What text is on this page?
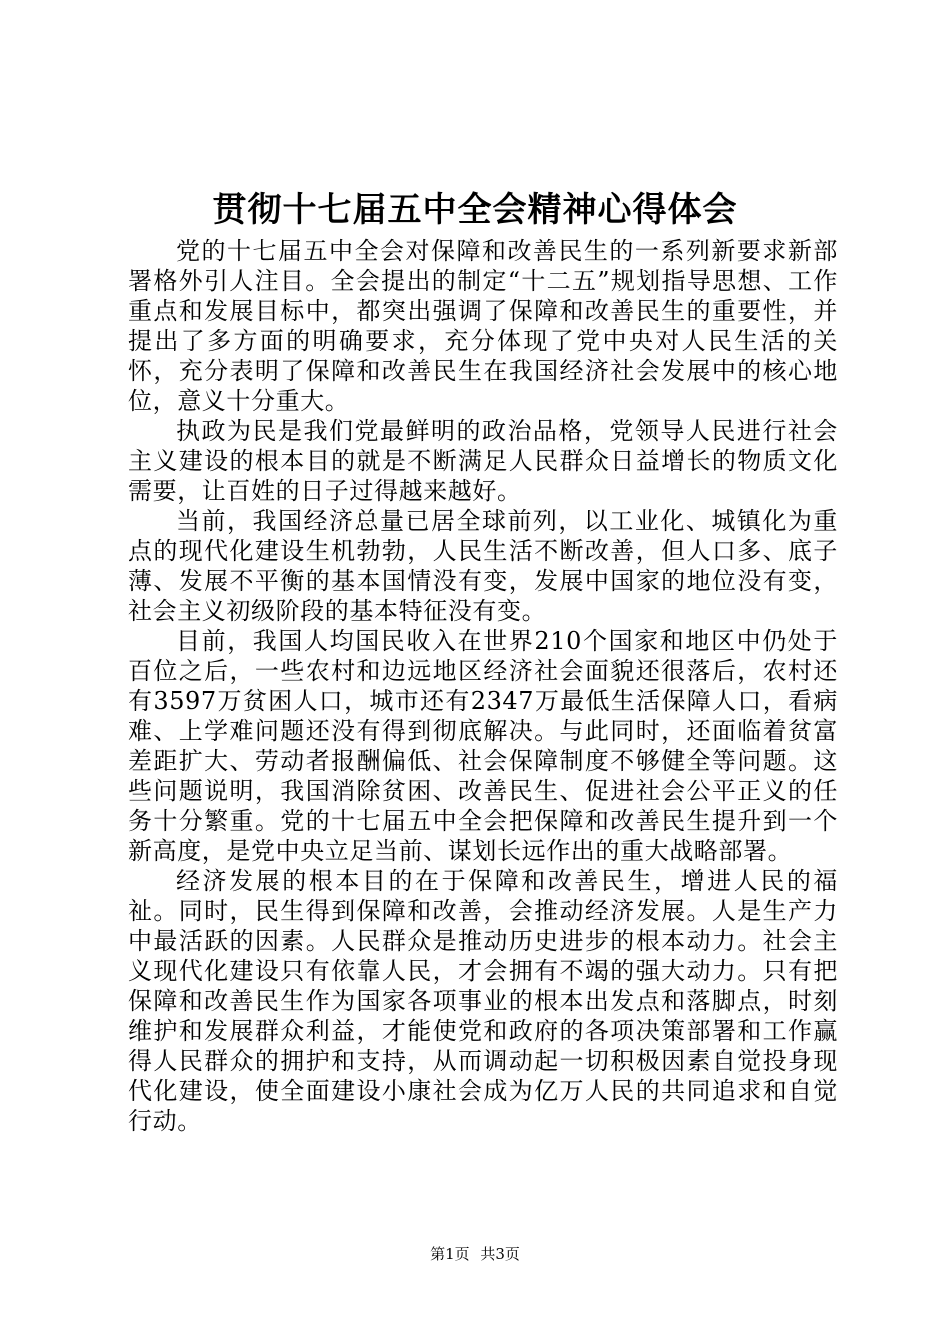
贯彻十七届五中全会精神心得体会

党的十七届五中全会对保障和改善民生的一系列新要求新部署格外引人注目。全会提出的制定“十二五”规划指导思想、工作重点和发展目标中，都突出强调了保障和改善民生的重要性，并提出了多方面的明确要求，充分体现了党中央对人民生活的关怀，充分表明了保障和改善民生在我国经济社会发展中的核心地位，意义十分重大。

执政为民是我们党最鲜明的政治品格，党领导人民进行社会主义建设的根本目的就是不断满足人民群众日益增长的物质文化需要，让百姓的日子过得越来越好。

当前，我国经济总量已居全球前列，以工业化、城镇化为重点的现代化建设生机勃勃，人民生活不断改善，但人口多、底子薄、发展不平衡的基本国情没有变，发展中国家的地位没有变，社会主义初级阶段的基本特征没有变。

目前，我国人均国民收入在世界210个国家和地区中仍处于百位之后，一些农村和边远地区经济社会面貌还很落后，农村还有3597万贫困人口，城市还有2347万最低生活保障人口，看病难、上学难问题还没有得到彻底解决。与此同时，还面临着贫富差距扩大、劳动者报酬偏低、社会保障制度不够健全等问题。这些问题说明，我国消除贫困、改善民生、促进社会公平正义的任务十分繁重。党的十七届五中全会把保障和改善民生提升到一个新高度，是党中央立足当前、谋划长远作出的重大战略部署。

经济发展的根本目的在于保障和改善民生，增进人民的福祉。同时，民生得到保障和改善，会推动经济发展。人是生产力中最活跃的因素。人民群众是推动历史进步的根本动力。社会主义现代化建设只有依靠人民，才会拥有不竭的强大动力。只有把保障和改善民生作为国家各项事业的根本出发点和落脚点，时刻维护和发展群众利益，才能使党和政府的各项决策部署和工作赢得人民群众的拥护和支持，从而调动起一切积极因素自觉投身现代化建设，使全面建设小康社会成为亿万人民的共同追求和自觉行动。

第1页 共3页
